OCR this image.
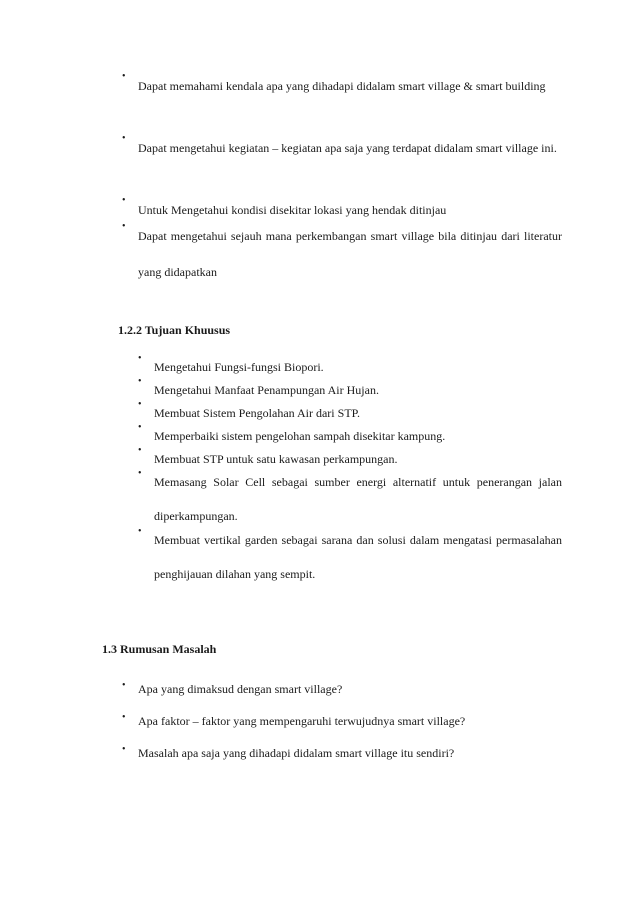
•
Dapat memahami kendala apa yang dihadapi didalam smart village & smart building
•
Dapat mengetahui kegiatan – kegiatan apa saja yang terdapat didalam smart village ini.
•
Untuk Mengetahui kondisi disekitar lokasi yang hendak ditinjau
•
Dapat mengetahui sejauh mana perkembangan smart village bila ditinjau dari literatur yang didapatkan
1.2.2 Tujuan Khuusus
•
Mengetahui Fungsi-fungsi Biopori.
•
Mengetahui Manfaat Penampungan Air Hujan.
•
Membuat Sistem Pengolahan Air dari STP.
•
Memperbaiki sistem pengelohan sampah disekitar kampung.
•
Membuat STP untuk satu kawasan perkampungan.
•
Memasang Solar Cell sebagai sumber energi alternatif untuk penerangan jalan diperkampungan.
•
Membuat vertikal garden sebagai sarana dan solusi dalam mengatasi permasalahan penghijauan dilahan yang sempit.
1.3 Rumusan Masalah
• Apa yang dimaksud dengan smart village?
• Apa faktor – faktor yang mempengaruhi terwujudnya smart village?
• Masalah apa saja yang dihadapi didalam smart village itu sendiri?
